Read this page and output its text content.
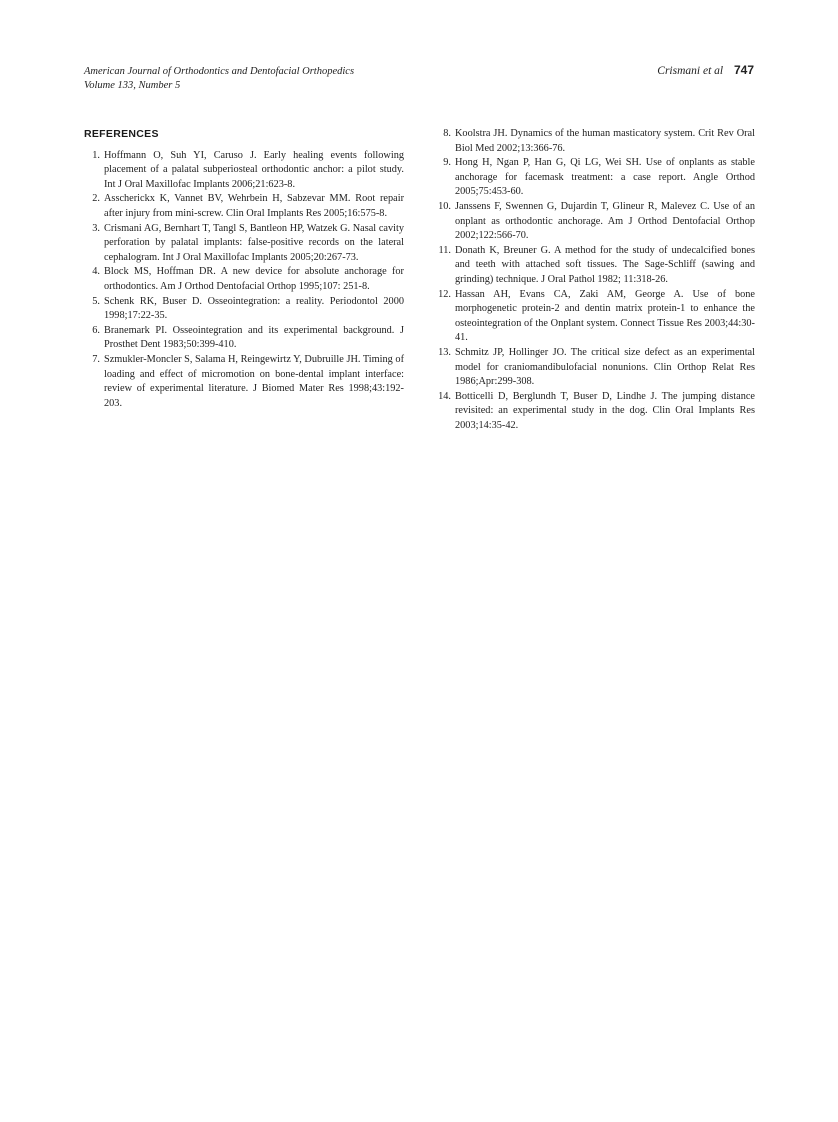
American Journal of Orthodontics and Dentofacial Orthopedics
Volume 133, Number 5
Crismani et al 747
REFERENCES
1. Hoffmann O, Suh YI, Caruso J. Early healing events following placement of a palatal subperiosteal orthodontic anchor: a pilot study. Int J Oral Maxillofac Implants 2006;21:623-8.
2. Asscherickx K, Vannet BV, Wehrbein H, Sabzevar MM. Root repair after injury from mini-screw. Clin Oral Implants Res 2005;16:575-8.
3. Crismani AG, Bernhart T, Tangl S, Bantleon HP, Watzek G. Nasal cavity perforation by palatal implants: false-positive records on the lateral cephalogram. Int J Oral Maxillofac Implants 2005;20:267-73.
4. Block MS, Hoffman DR. A new device for absolute anchorage for orthodontics. Am J Orthod Dentofacial Orthop 1995;107: 251-8.
5. Schenk RK, Buser D. Osseointegration: a reality. Periodontol 2000 1998;17:22-35.
6. Branemark PI. Osseointegration and its experimental background. J Prosthet Dent 1983;50:399-410.
7. Szmukler-Moncler S, Salama H, Reingewirtz Y, Dubruille JH. Timing of loading and effect of micromotion on bone-dental implant interface: review of experimental literature. J Biomed Mater Res 1998;43:192-203.
8. Koolstra JH. Dynamics of the human masticatory system. Crit Rev Oral Biol Med 2002;13:366-76.
9. Hong H, Ngan P, Han G, Qi LG, Wei SH. Use of onplants as stable anchorage for facemask treatment: a case report. Angle Orthod 2005;75:453-60.
10. Janssens F, Swennen G, Dujardin T, Glineur R, Malevez C. Use of an onplant as orthodontic anchorage. Am J Orthod Dentofacial Orthop 2002;122:566-70.
11. Donath K, Breuner G. A method for the study of undecalcified bones and teeth with attached soft tissues. The Sage-Schliff (sawing and grinding) technique. J Oral Pathol 1982; 11:318-26.
12. Hassan AH, Evans CA, Zaki AM, George A. Use of bone morphogenetic protein-2 and dentin matrix protein-1 to enhance the osteointegration of the Onplant system. Connect Tissue Res 2003;44:30-41.
13. Schmitz JP, Hollinger JO. The critical size defect as an experimental model for craniomandibulofacial nonunions. Clin Orthop Relat Res 1986;Apr:299-308.
14. Botticelli D, Berglundh T, Buser D, Lindhe J. The jumping distance revisited: an experimental study in the dog. Clin Oral Implants Res 2003;14:35-42.
